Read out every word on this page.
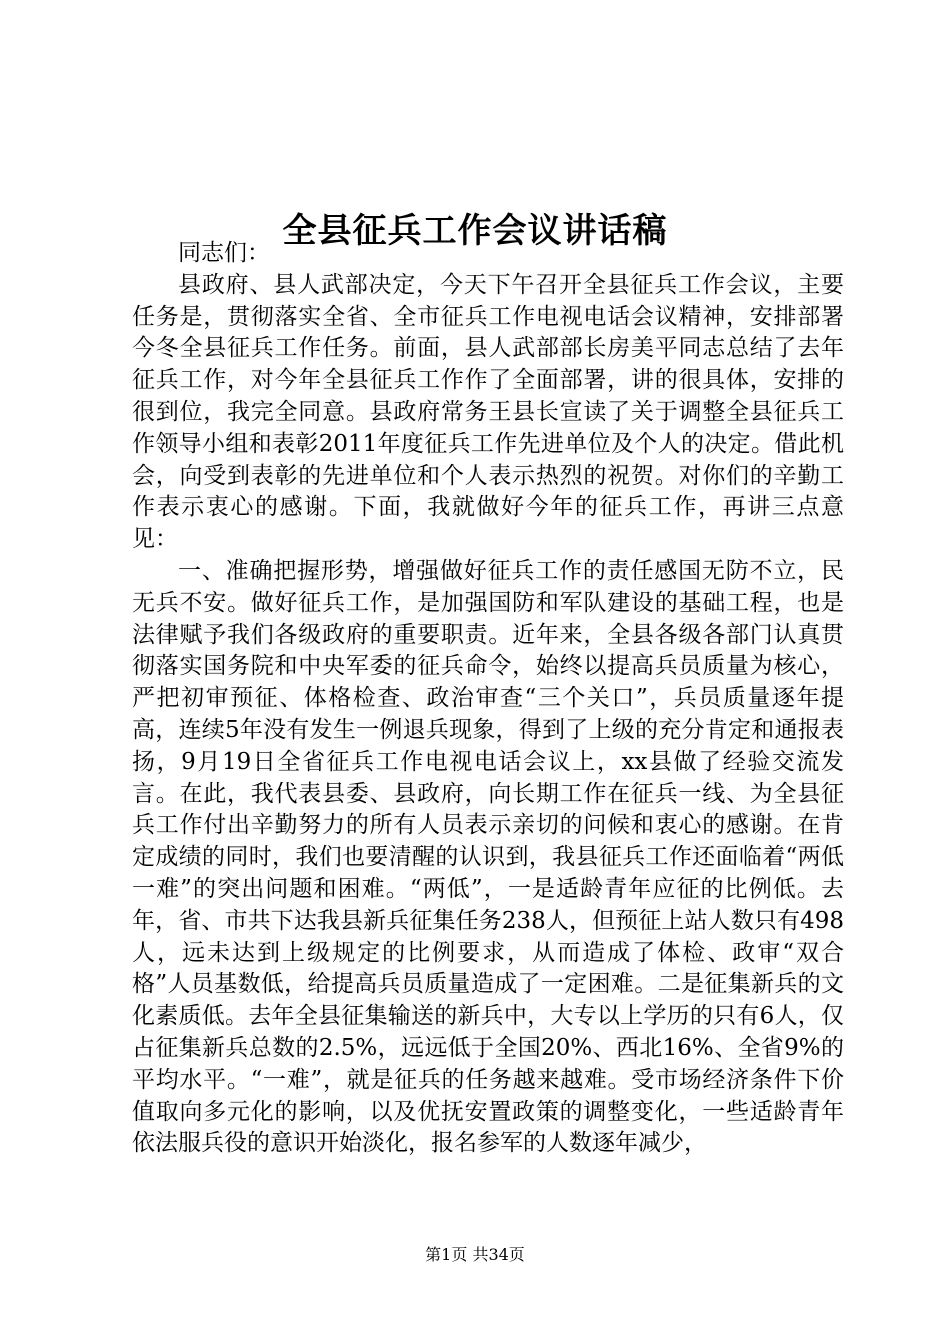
全县征兵工作会议讲话稿

同志们：

县政府、县人武部决定，今天下午召开全县征兵工作会议，主要任务是，贯彻落实全省、全市征兵工作电视电话会议精神，安排部署今冬全县征兵工作任务。前面，县人武部部长房美平同志总结了去年征兵工作，对今年全县征兵工作作了全面部署，讲的很具体，安排的很到位，我完全同意。县政府常务王县长宣读了关于调整全县征兵工作领导小组和表彰2011年度征兵工作先进单位及个人的决定。借此机会，向受到表彰的先进单位和个人表示热烈的祝贺。对你们的辛勤工作表示衷心的感谢。下面，我就做好今年的征兵工作，再讲三点意见：

一、准确把握形势，增强做好征兵工作的责任感国无防不立，民无兵不安。做好征兵工作，是加强国防和军队建设的基础工程，也是法律赋予我们各级政府的重要职责。近年来，全县各级各部门认真贯彻落实国务院和中央军委的征兵命令，始终以提高兵员质量为核心，严把初审预征、体格检查、政治审查“三个关口”，兵员质量逐年提高，连续5年没有发生一例退兵现象，得到了上级的充分肯定和通报表扬，9月19日全省征兵工作电视电话会议上，xx县做了经验交流发言。在此，我代表县委、县政府，向长期工作在征兵一线、为全县征兵工作付出辛勤努力的所有人员表示亲切的问候和衷心的感谢。在肯定成绩的同时，我们也要清醒的认识到，我县征兵工作还面临着“两低一难”的突出问题和困难。“两低”，一是适龄青年应征的比例低。去年，省、市共下达我县新兵征集任务238人，但预征上站人数只有498人，远未达到上级规定的比例要求，从而造成了体检、政审“双合格”人员基数低，给提高兵员质量造成了一定困难。二是征集新兵的文化素质低。去年全县征集输送的新兵中，大专以上学历的只有6人，仅占征集新兵总数的2.5%，远远低于全国20%、西北16%、全省9%的平均水平。“一难”，就是征兵的任务越来越难。受市场经济条件下价值取向多元化的影响，以及优抚安置政策的调整变化，一些适龄青年依法服兵役的意识开始淡化，报名参军的人数逐年减少，

第1页 共34页
